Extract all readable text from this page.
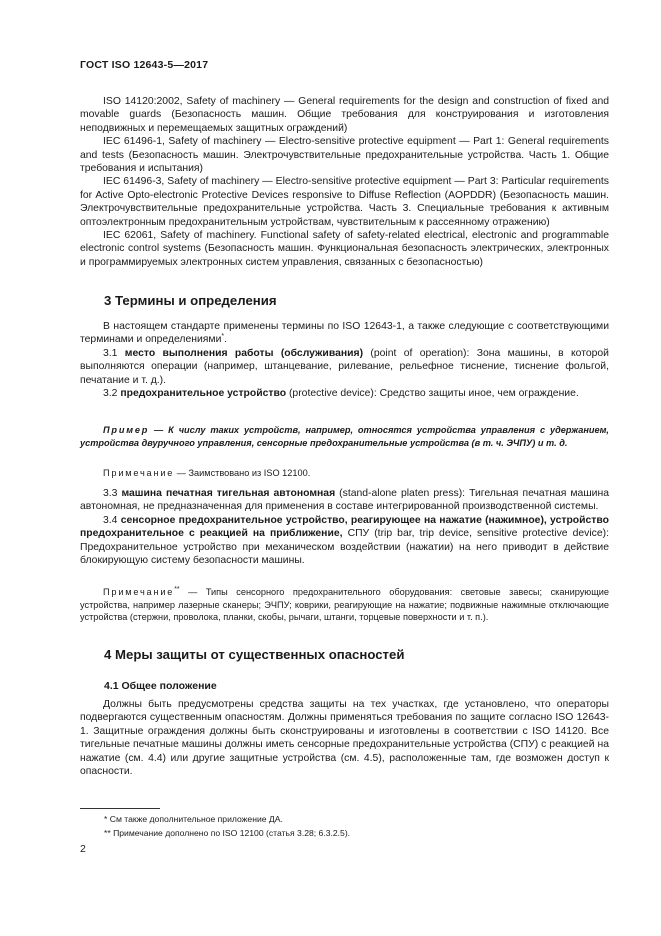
ГОСТ ISO 12643-5—2017

ISO 14120:2002, Safety of machinery — General requirements for the design and construction of fixed and movable guards (Безопасность машин. Общие требования для конструирования и изготовления неподвижных и перемещаемых защитных ограждений)

IEC 61496-1, Safety of machinery — Electro-sensitive protective equipment — Part 1: General requirements and tests (Безопасность машин. Электрочувствительные предохранительные устройства. Часть 1. Общие требования и испытания)

IEC 61496-3, Safety of machinery — Electro-sensitive protective equipment — Part 3: Particular requirements for Active Opto-electronic Protective Devices responsive to Diffuse Reflection (AOPDDR) (Безопасность машин. Электрочувствительные предохранительные устройства. Часть 3. Специальные требования к активным оптоэлектронным предохранительным устройствам, чувствительным к рассеянному отражению)

IEC 62061, Safety of machinery. Functional safety of safety-related electrical, electronic and programmable electronic control systems (Безопасность машин. Функциональная безопасность электрических, электронных и программируемых электронных систем управления, связанных с безопасностью)

3 Термины и определения

В настоящем стандарте применены термины по ISO 12643-1, а также следующие с соответствующими терминами и определениями*.

3.1 место выполнения работы (обслуживания) (point of operation): Зона машины, в которой выполняются операции (например, штанцевание, рилевание, рельефное тиснение, тиснение фольгой, печатание и т. д.).

3.2 предохранительное устройство (protective device): Средство защиты иное, чем ограждение.

Пример — К числу таких устройств, например, относятся устройства управления с удержанием, устройства двуручного управления, сенсорные предохранительные устройства (в т. ч. ЭЧПУ) и т. д.

Примечание — Заимствовано из ISO 12100.

3.3 машина печатная тигельная автономная (stand-alone platen press): Тигельная печатная машина автономная, не предназначенная для применения в составе интегрированной производственной системы.

3.4 сенсорное предохранительное устройство, реагирующее на нажатие (нажимное), устройство предохранительное с реакцией на приближение, СПУ (trip bar, trip device, sensitive protective device): Предохранительное устройство при механическом воздействии (нажатии) на него приводит в действие блокирующую систему безопасности машины.

Примечание** — Типы сенсорного предохранительного оборудования: световые завесы; сканирующие устройства, например лазерные сканеры; ЭЧПУ; коврики, реагирующие на нажатие; подвижные нажимные отключающие устройства (стержни, проволока, планки, скобы, рычаги, штанги, торцевые поверхности и т. п.).

4 Меры защиты от существенных опасностей
4.1 Общее положение

Должны быть предусмотрены средства защиты на тех участках, где установлено, что операторы подвергаются существенным опасностям. Должны применяться требования по защите согласно ISO 12643-1. Защитные ограждения должны быть сконструированы и изготовлены в соответствии с ISO 14120. Все тигельные печатные машины должны иметь сенсорные предохранительные устройства (СПУ) с реакцией на нажатие (см. 4.4) или другие защитные устройства (см. 4.5), расположенные там, где возможен доступ к опасности.

* См также дополнительное приложение ДА.
** Примечание дополнено по ISO 12100 (статья 3.28; 6.3.2.5).
2
